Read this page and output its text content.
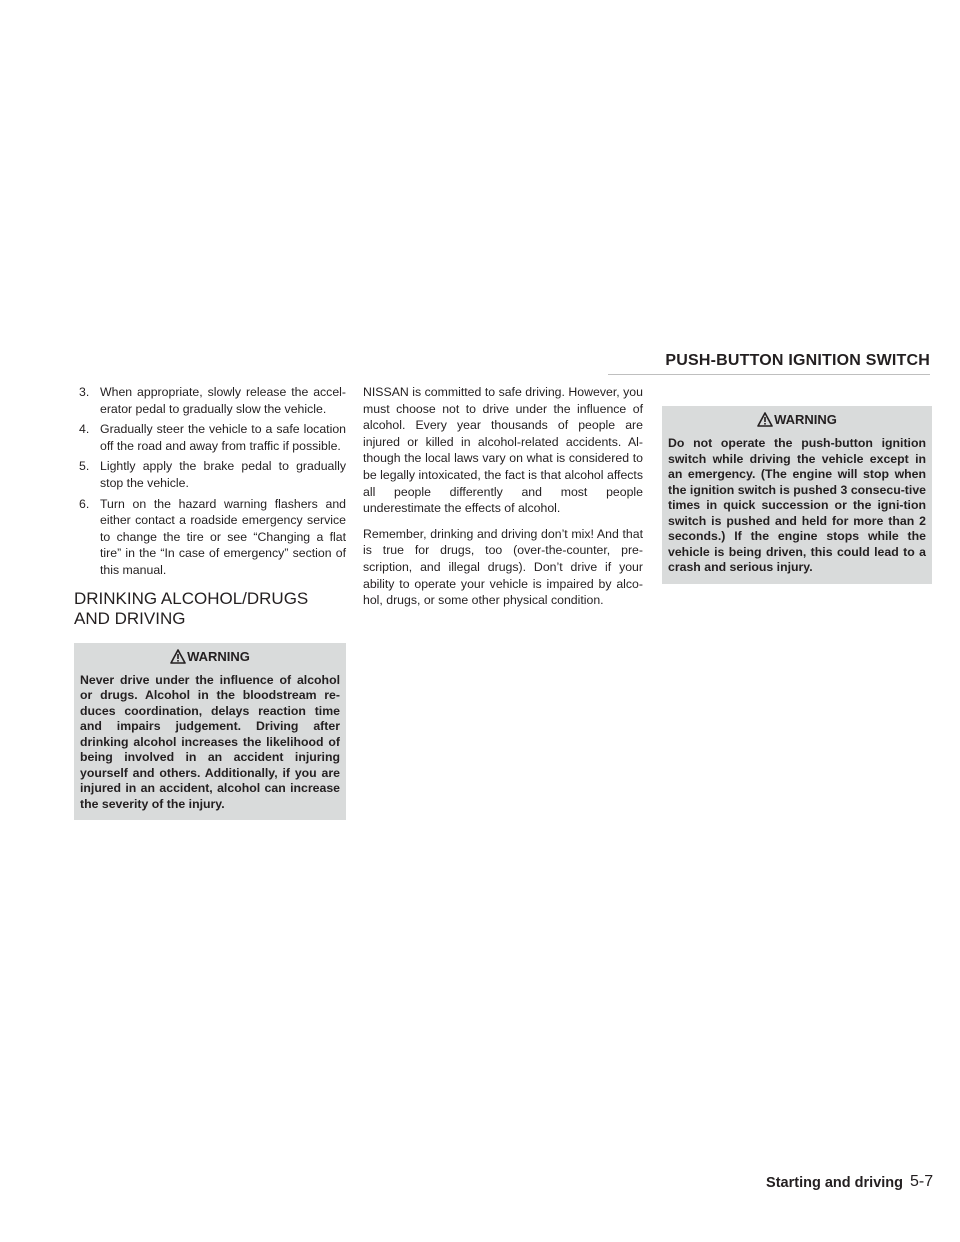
PUSH-BUTTON IGNITION SWITCH
3. When appropriate, slowly release the accel-erator pedal to gradually slow the vehicle.
4. Gradually steer the vehicle to a safe location off the road and away from traffic if possible.
5. Lightly apply the brake pedal to gradually stop the vehicle.
6. Turn on the hazard warning flashers and either contact a roadside emergency service to change the tire or see “Changing a flat tire” in the “In case of emergency” section of this manual.
DRINKING ALCOHOL/DRUGS AND DRIVING
WARNING
Never drive under the influence of alcohol or drugs. Alcohol in the bloodstream re-duces coordination, delays reaction time and impairs judgement. Driving after drinking alcohol increases the likelihood of being involved in an accident injuring yourself and others. Additionally, if you are injured in an accident, alcohol can increase the severity of the injury.

NISSAN is committed to safe driving. However, you must choose not to drive under the influence of alcohol. Every year thousands of people are injured or killed in alcohol-related accidents. Al-though the local laws vary on what is considered to be legally intoxicated, the fact is that alcohol affects all people differently and most people underestimate the effects of alcohol.

Remember, drinking and driving don’t mix! And that is true for drugs, too (over-the-counter, pre-scription, and illegal drugs). Don’t drive if your ability to operate your vehicle is impaired by alco-hol, drugs, or some other physical condition.

WARNING
Do not operate the push-button ignition switch while driving the vehicle except in an emergency. (The engine will stop when the ignition switch is pushed 3 consecu-tive times in quick succession or the igni-tion switch is pushed and held for more than 2 seconds.) If the engine stops while the vehicle is being driven, this could lead to a crash and serious injury.
Starting and driving 5-7
